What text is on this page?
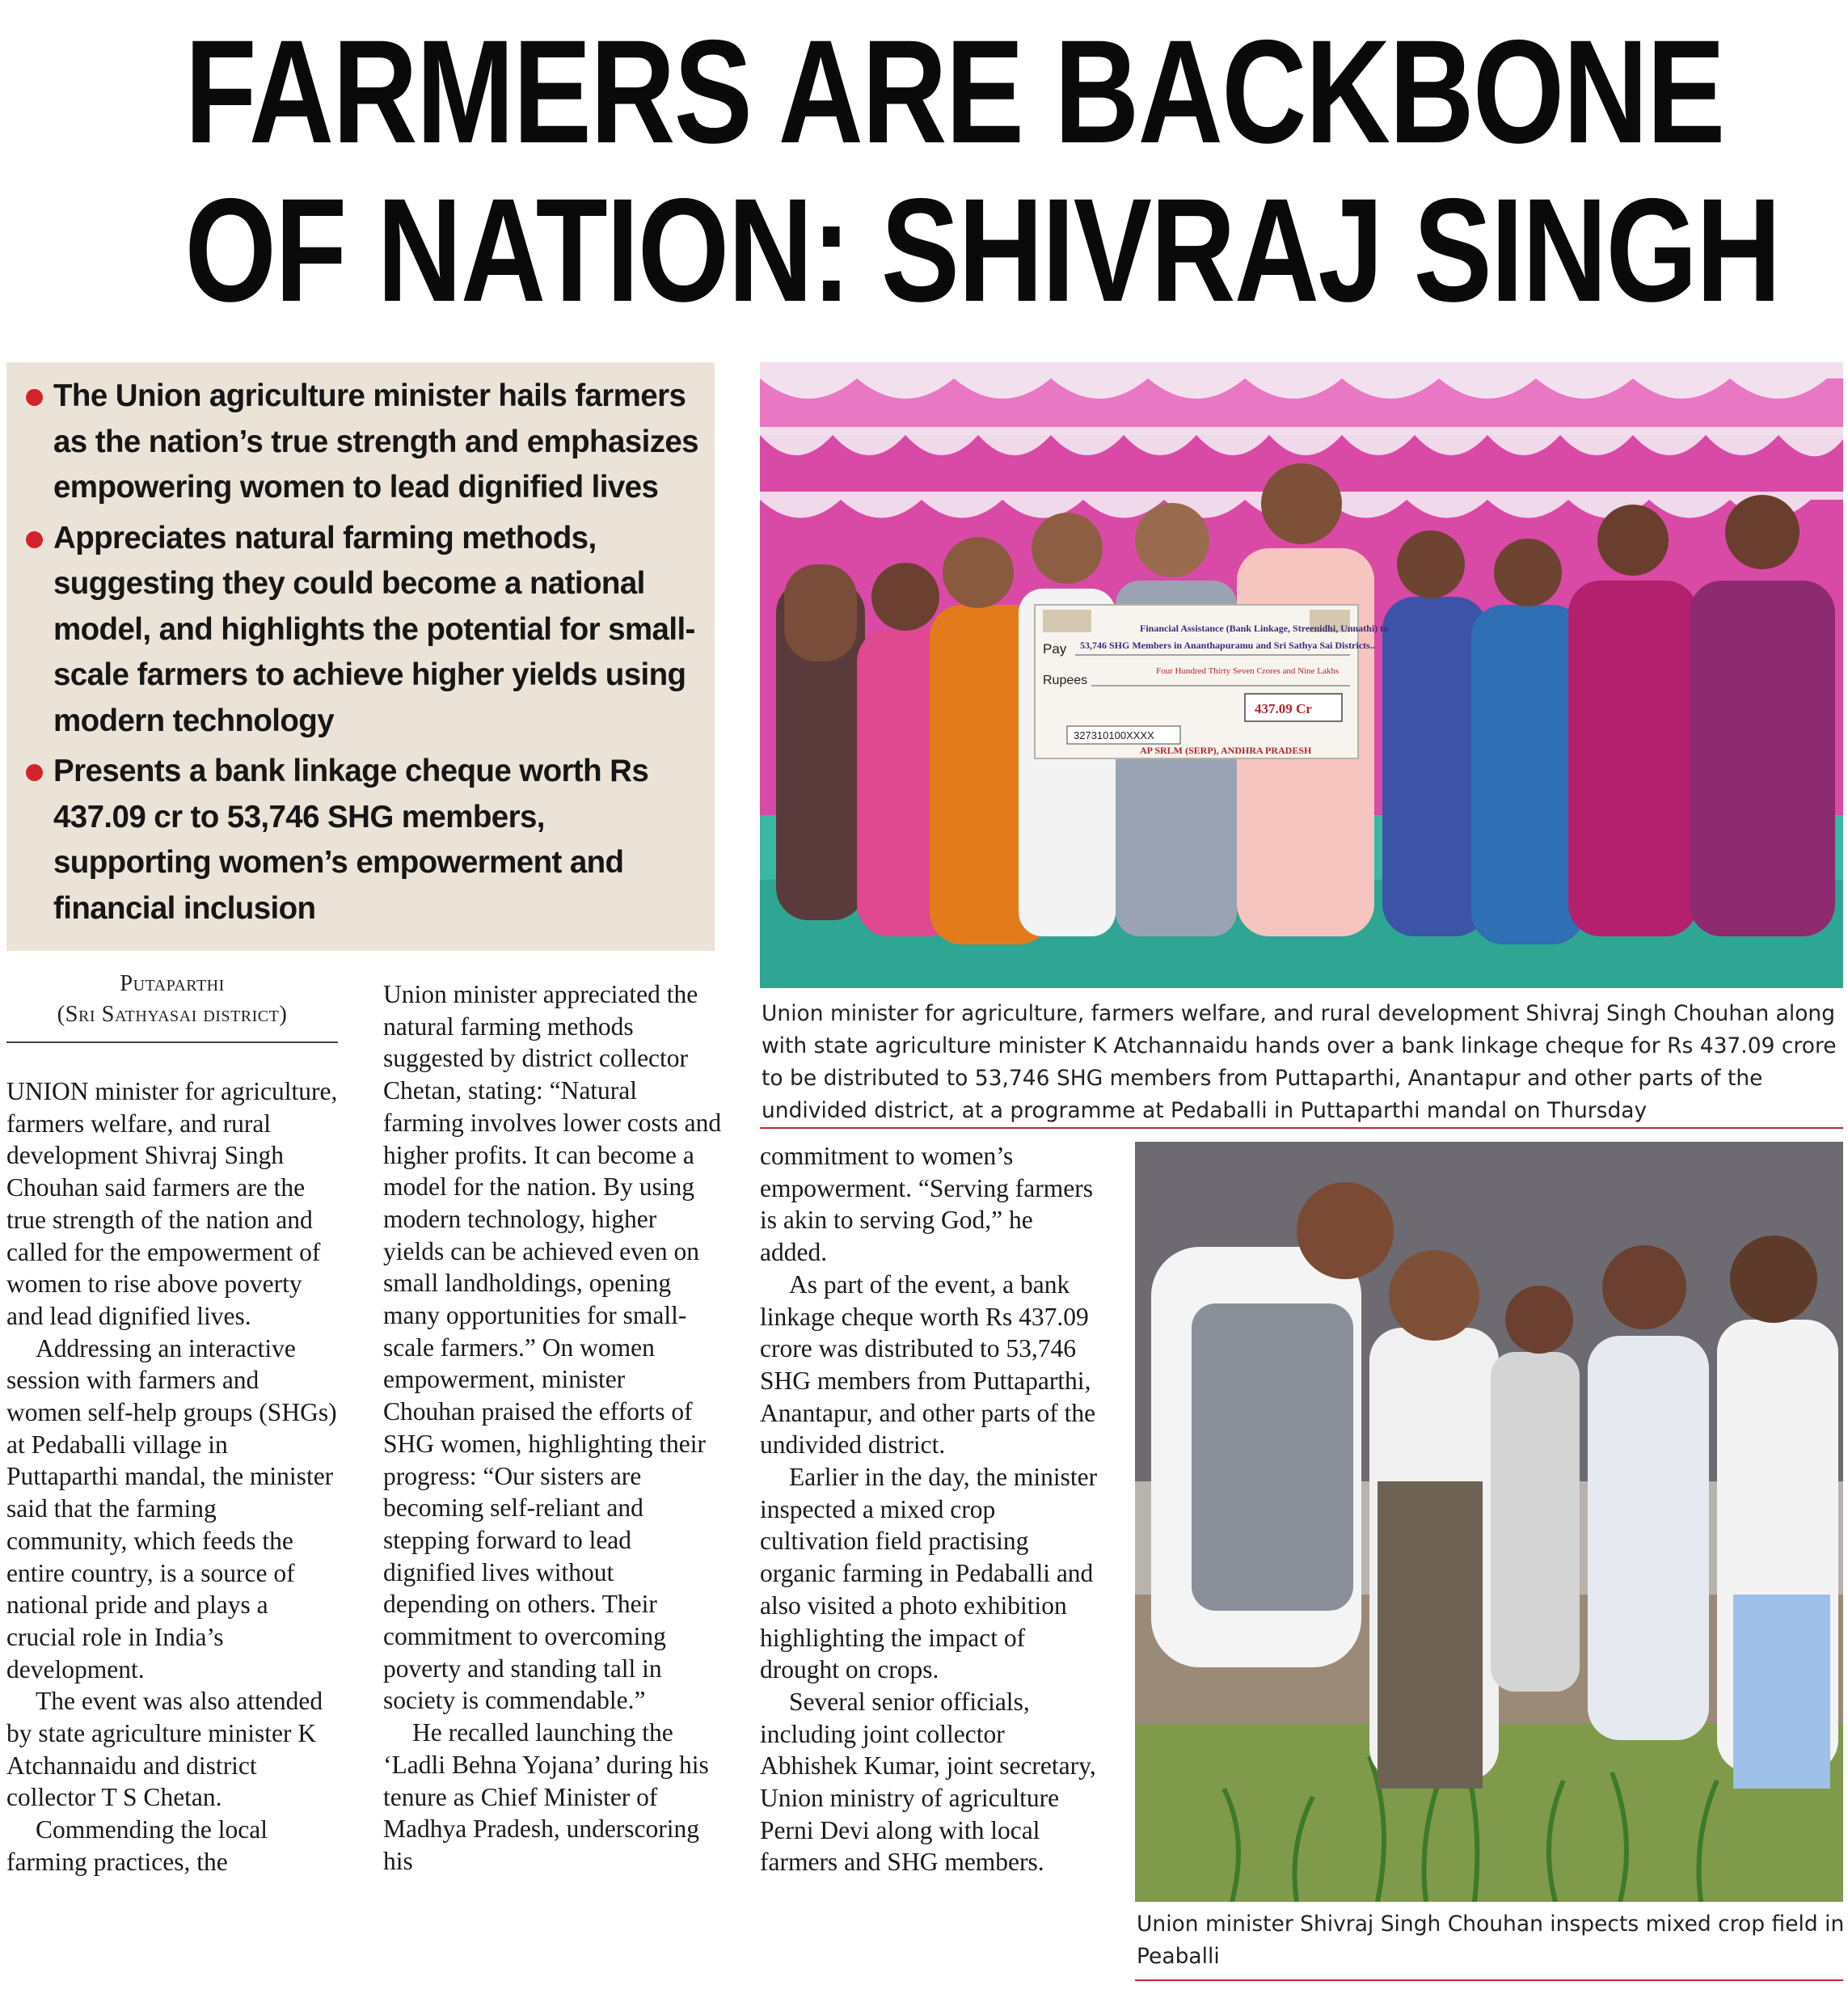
FARMERS ARE BACKBONE
OF NATION: SHIVRAJ SINGH
The Union agriculture minister hails farmers as the nation’s true strength and emphasizes empowering women to lead dignified lives
Appreciates natural farming methods, suggesting they could become a national model, and highlights the potential for small-scale farmers to achieve higher yields using modern technology
Presents a bank linkage cheque worth Rs 437.09 cr to 53,746 SHG members, supporting women’s empowerment and financial inclusion
Financial Assistance (Bank Linkage, Streenidhi, Unnathi) to
Pay 53,746 SHG Members in Ananthapuramu and Sri Sathya Sai Districts..
Four Hundred Thirty Seven Crores and Nine Lakhs
Rupees
437.09 Cr
327310100XXXX
AP SRLM (SERP), ANDHRA PRADESH
Union minister for agriculture, farmers welfare, and rural development Shivraj Singh Chouhan along with state agriculture minister K Atchannaidu hands over a bank linkage cheque for Rs 437.09 crore to be distributed to 53,746 SHG members from Puttaparthi, Anantapur and other parts of the undivided district, at a programme at Pedaballi in Puttaparthi mandal on Thursday
Union minister Shivraj Singh Chouhan inspects mixed crop field in Peaballi
Putaparthi
(Sri Sathyasai district)

UNION minister for agriculture, farmers welfare, and rural development Shivraj Singh Chouhan said farmers are the true strength of the nation and called for the empowerment of women to rise above poverty and lead dignified lives.

Addressing an interactive session with farmers and women self-help groups (SHGs) at Pedaballi village in Puttaparthi mandal, the minister said that the farming community, which feeds the entire country, is a source of national pride and plays a crucial role in India’s development.

The event was also attended by state agriculture minister K Atchannaidu and district collector T S Chetan.

Commending the local farming practices, the

Union minister appreciated the natural farming methods suggested by district collector Chetan, stating: “Natural farming involves lower costs and higher profits. It can become a model for the nation. By using modern technology, higher yields can be achieved even on small landholdings, opening many opportunities for small-scale farmers.” On women empowerment, minister Chouhan praised the efforts of SHG women, highlighting their progress: “Our sisters are becoming self-reliant and stepping forward to lead dignified lives without depending on others. Their commitment to overcoming poverty and standing tall in society is commendable.”

He recalled launching the ‘Ladli Behna Yojana’ during his tenure as Chief Minister of Madhya Pradesh, underscoring his

commitment to women’s empowerment. “Serving farmers is akin to serving God,” he added.

As part of the event, a bank linkage cheque worth Rs 437.09 crore was distributed to 53,746 SHG members from Puttaparthi, Anantapur, and other parts of the undivided district.

Earlier in the day, the minister inspected a mixed crop cultivation field practising organic farming in Pedaballi and also visited a photo exhibition highlighting the impact of drought on crops.

Several senior officials, including joint collector Abhishek Kumar, joint secretary, Union ministry of agriculture Perni Devi along with local farmers and SHG members.
